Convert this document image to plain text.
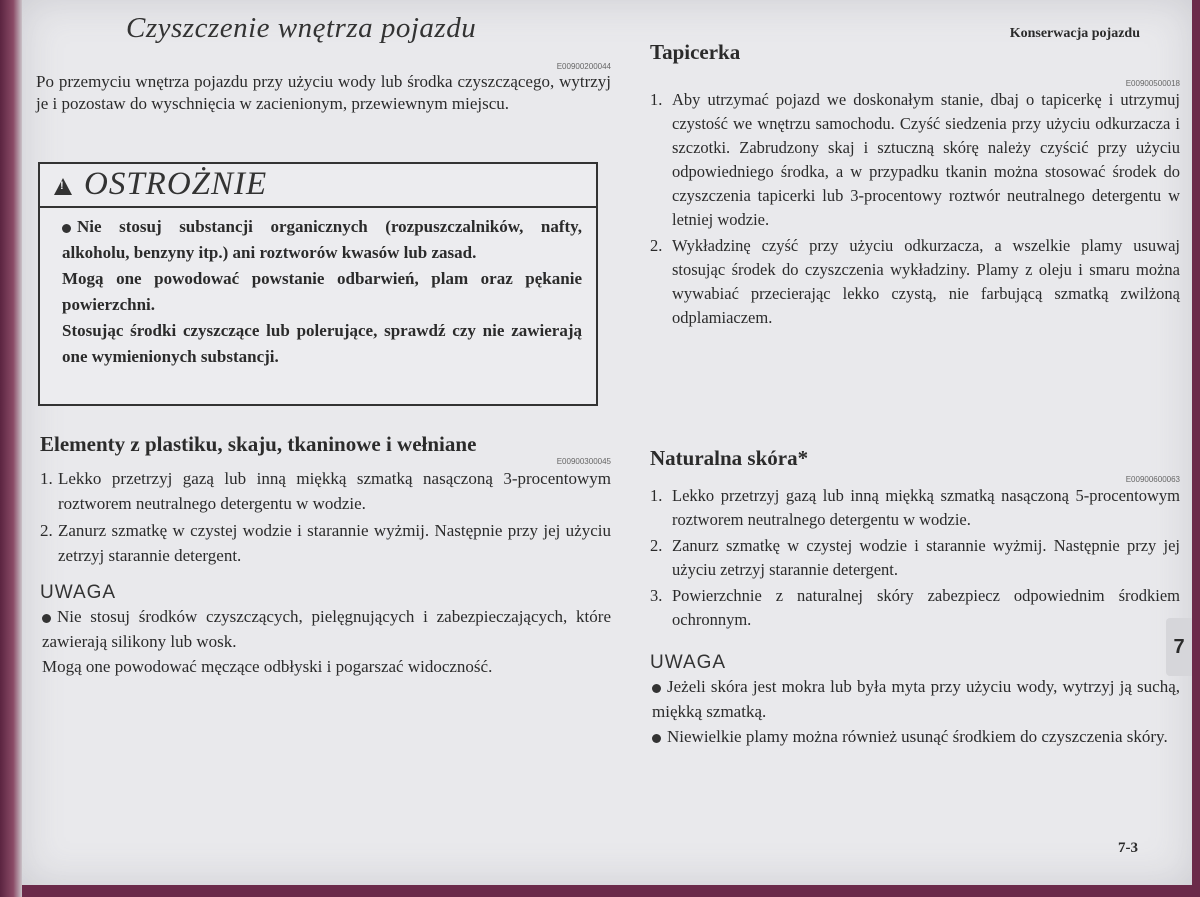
Czyszczenie wnętrza pojazdu
E00900200044
Po przemyciu wnętrza pojazdu przy użyciu wody lub środka czyszczącego, wytrzyj je i pozostaw do wyschnięcia w zacienionym, przewiewnym miejscu.
!
OSTROŻNIE

Nie stosuj substancji organicznych (rozpuszczalników, nafty, alkoholu, benzyny itp.) ani roztworów kwasów lub zasad.

Mogą one powodować powstanie odbarwień, plam oraz pękanie powierzchni.

Stosując środki czyszczące lub polerujące, sprawdź czy nie zawierają one wymienionych substancji.

Elementy z plastiku, skaju, tkaninowe i wełniane
E00900300045
1. Lekko przetrzyj gazą lub inną miękką szmatką nasączoną 3-procentowym roztworem neutralnego detergentu w wodzie.
2. Zanurz szmatkę w czystej wodzie i starannie wyżmij. Następnie przy jej użyciu zetrzyj starannie detergent.
UWAGA

Nie stosuj środków czyszczących, pielęgnujących i zabezpieczających, które zawierają silikony lub wosk.

Mogą one powodować męczące odbłyski i pogarszać widoczność.

Konserwacja pojazdu
Tapicerka
E00900500018
1. Aby utrzymać pojazd we doskonałym stanie, dbaj o tapicerkę i utrzymuj czystość we wnętrzu samochodu. Czyść siedzenia przy użyciu odkurzacza i szczotki. Zabrudzony skaj i sztuczną skórę należy czyścić przy użyciu odpowiedniego środka, a w przypadku tkanin można stosować środek do czyszczenia tapicerki lub 3-procentowy roztwór neutralnego detergentu w letniej wodzie.
2. Wykładzinę czyść przy użyciu odkurzacza, a wszelkie plamy usuwaj stosując środek do czyszczenia wykładziny. Plamy z oleju i smaru można wywabiać przecierając lekko czystą, nie farbującą szmatką zwilżoną odplamiaczem.
Naturalna skóra*
E00900600063
1. Lekko przetrzyj gazą lub inną miękką szmatką nasączoną 5-procentowym roztworem neutralnego detergentu w wodzie.
2. Zanurz szmatkę w czystej wodzie i starannie wyżmij. Następnie przy jej użyciu zetrzyj starannie detergent.
3. Powierzchnie z naturalnej skóry zabezpiecz odpowiednim środkiem ochronnym.
UWAGA

Jeżeli skóra jest mokra lub była myta przy użyciu wody, wytrzyj ją suchą, miękką szmatką.

Niewielkie plamy można również usunąć środkiem do czyszczenia skóry.

7-3
7
